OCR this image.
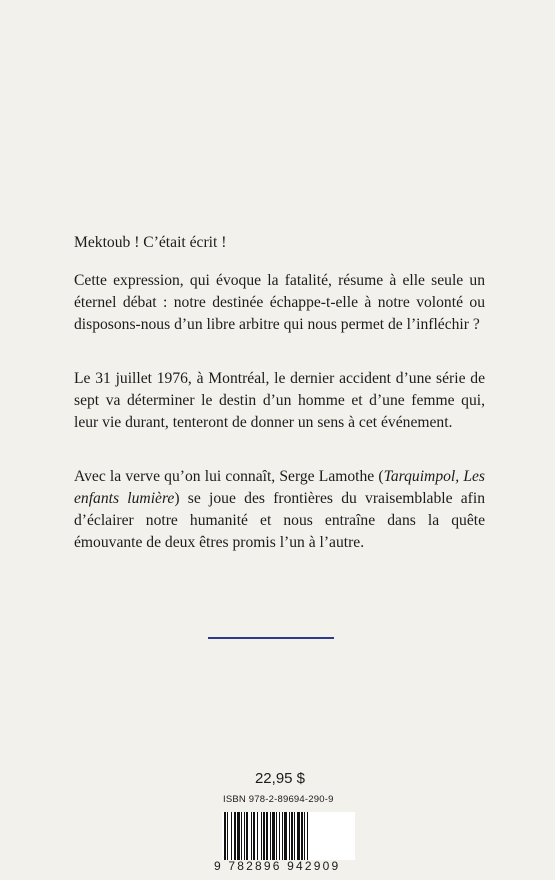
Mektoub ! C’était écrit !

Cette expression, qui évoque la fatalité, résume à elle seule un éternel débat : notre destinée échappe-t-elle à notre volonté ou disposons-nous d’un libre arbitre qui nous permet de l’infléchir ?

Le 31 juillet 1976, à Montréal, le dernier accident d’une série de sept va déterminer le destin d’un homme et d’une femme qui, leur vie durant, tenteront de donner un sens à cet événement.

Avec la verve qu’on lui connaît, Serge Lamothe (Tarquimpol, Les enfants lumière) se joue des frontières du vraisemblable afin d’éclairer notre humanité et nous entraîne dans la quête émouvante de deux êtres promis l’un à l’autre.

22,95 $
ISBN 978-2-89694-290-9
9 782896 942909
